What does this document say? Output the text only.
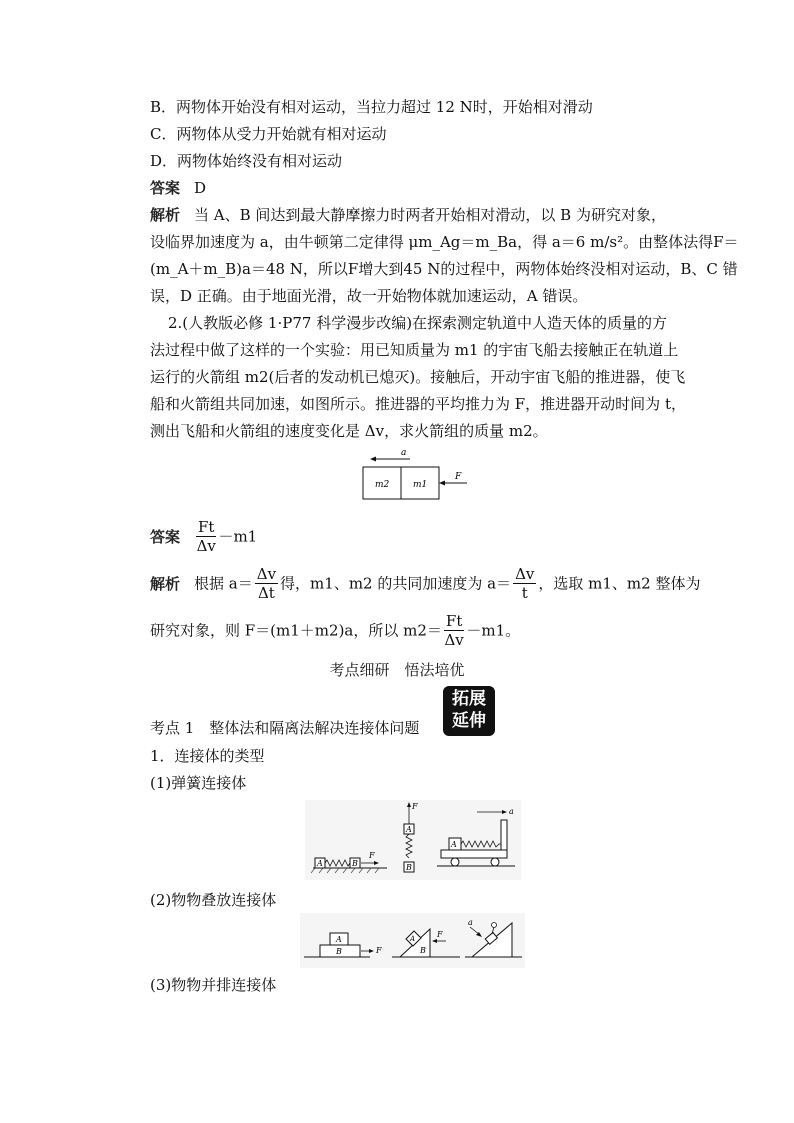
B．两物体开始没有相对运动，当拉力超过 12 N时，开始相对滑动
C．两物体从受力开始就有相对运动
D．两物体始终没有相对运动
答案 D
解析 当 A、B 间达到最大静摩擦力时两者开始相对滑动，以 B 为研究对象，
设临界加速度为 a，由牛顿第二定律得 μm_Ag＝m_Ba，得 a＝6 m/s²。由整体法得F＝
(m_A＋m_B)a＝48 N，所以F增大到45 N的过程中，两物体始终没相对运动，B、C 错
误，D 正确。由于地面光滑，故一开始物体就加速运动，A 错误。
2.(人教版必修 1·P77 科学漫步改编)在探索测定轨道中人造天体的质量的方
法过程中做了这样的一个实验：用已知质量为 m1 的宇宙飞船去接触正在轨道上
运行的火箭组 m2(后者的发动机已熄灭)。接触后，开动宇宙飞船的推进器，使飞
船和火箭组共同加速，如图所示。推进器的平均推力为 F，推进器开动时间为 t，
测出飞船和火箭组的速度变化是 Δv，求火箭组的质量 m2。
a
m2	m1
F
答案 $\frac{Ft}{\Delta v} -m1$
解析 根据 $a= \frac{\Delta v}{\Delta t}$ 得，m1、m2 的共同加速度为 $a= \frac{\Delta v}{t}$ ，选取 m1、m2 整体为
研究对象，则 F＝(m1＋m2)a，所以 $m2= \frac{Ft}{\Delta v} -m1$。
考点细研　悟法培优
考点 1　整体法和隔离法解决连接体问题
拓展
延伸
1．连接体的类型
(1)弹簧连接体
A	B
F
F
A
B
a
A
(2)物物叠放连接体
B
A
F	B
A	F
a
(3)物物并排连接体
